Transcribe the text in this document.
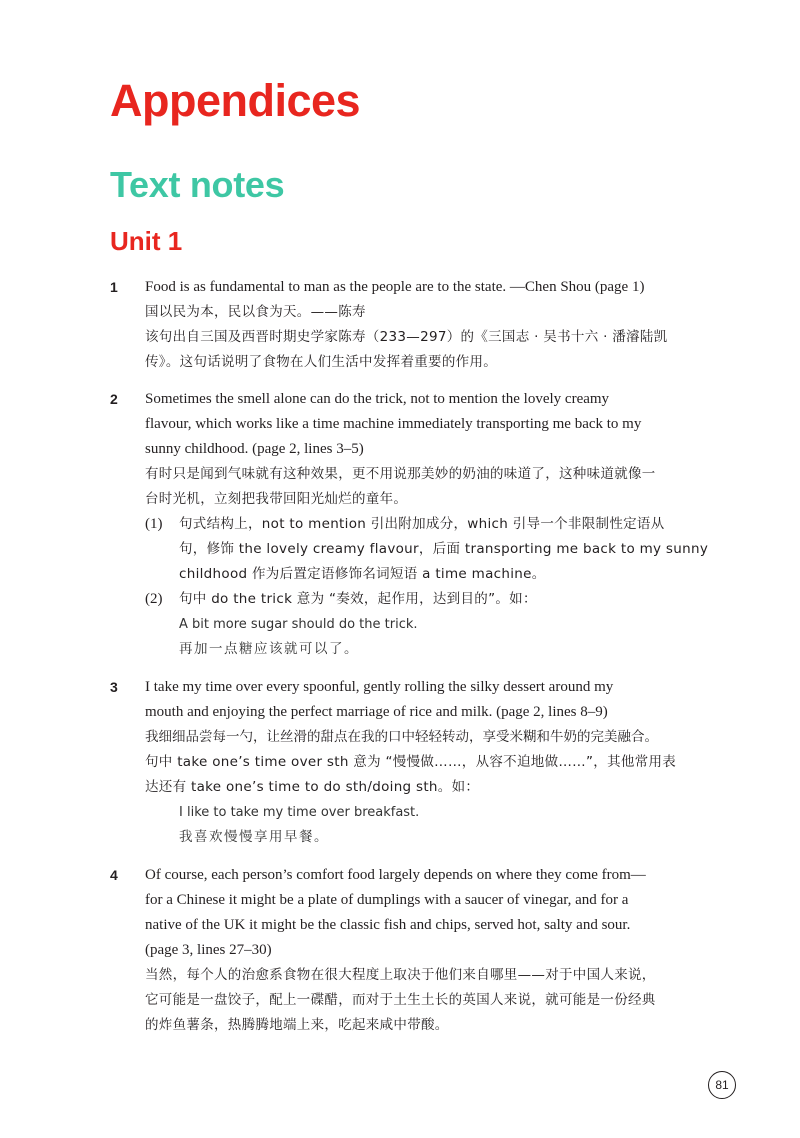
Appendices
Text notes
Unit 1
1 Food is as fundamental to man as the people are to the state. —Chen Shou (page 1)
国以民为本，民以食为天。——陈寿
该句出自三国及西晋时期史学家陈寿（233—297）的《三国志 · 吴书十六 · 潘濬陆凯
传》。这句话说明了食物在人们生活中发挥着重要的作用。
2 Sometimes the smell alone can do the trick, not to mention the lovely creamy
flavour, which works like a time machine immediately transporting me back to my
sunny childhood. (page 2, lines 3–5)
有时只是闻到气味就有这种效果，更不用说那美妙的奶油的味道了，这种味道就像一
台时光机，立刻把我带回阳光灿烂的童年。
(1) 句式结构上，not to mention 引出附加成分，which 引导一个非限制性定语从
句，修饰 the lovely creamy flavour，后面 transporting me back to my sunny
childhood 作为后置定语修饰名词短语 a time machine。
(2) 句中 do the trick 意为 “奏效，起作用，达到目的”。如：
A bit more sugar should do the trick.
再加一点糖应该就可以了。
3 I take my time over every spoonful, gently rolling the silky dessert around my
mouth and enjoying the perfect marriage of rice and milk. (page 2, lines 8–9)
我细细品尝每一勺，让丝滑的甜点在我的口中轻轻转动，享受米糊和牛奶的完美融合。
句中 take one’s time over sth 意为 “慢慢做……，从容不迫地做……”，其他常用表
达还有 take one’s time to do sth/doing sth。如：
I like to take my time over breakfast.
我喜欢慢慢享用早餐。
4 Of course, each person’s comfort food largely depends on where they come from—
for a Chinese it might be a plate of dumplings with a saucer of vinegar, and for a
native of the UK it might be the classic fish and chips, served hot, salty and sour.
(page 3, lines 27–30)
当然，每个人的治愈系食物在很大程度上取决于他们来自哪里——对于中国人来说，
它可能是一盘饺子，配上一碟醋，而对于土生土长的英国人来说，就可能是一份经典
的炸鱼薯条，热腾腾地端上来，吃起来咸中带酸。
81
